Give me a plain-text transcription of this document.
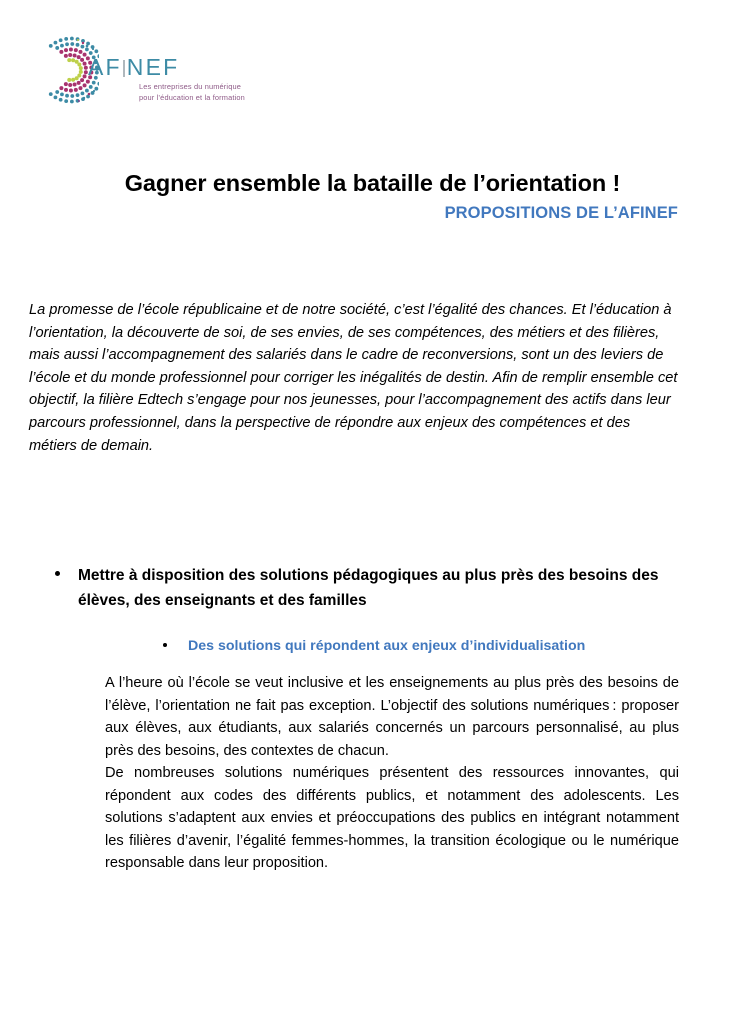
AF NEF
Les entreprises du numérique
pour l’éducation et la formation
Gagner ensemble la bataille de l’orientation !
PROPOSITIONS DE L’AFINEF
La promesse de l’école républicaine et de notre société, c’est l’égalité des chances. Et l’éducation à l’orientation, la découverte de soi, de ses envies, de ses compétences, des métiers et des filières, mais aussi l’accompagnement des salariés dans le cadre de reconversions, sont un des leviers de l’école et du monde professionnel pour corriger les inégalités de destin. Afin de remplir ensemble cet objectif, la filière Edtech s’engage pour nos jeunesses, pour l’accompagnement des actifs dans leur parcours professionnel, dans la perspective de répondre aux enjeux des compétences et des métiers de demain.
Mettre à disposition des solutions pédagogiques au plus près des besoins des élèves, des enseignants et des familles
Des solutions qui répondent aux enjeux d’individualisation

A l’heure où l’école se veut inclusive et les enseignements au plus près des besoins de l’élève, l’orientation ne fait pas exception. L’objectif des solutions numériques : proposer aux élèves, aux étudiants, aux salariés concernés un parcours personnalisé, au plus près des besoins, des contextes de chacun.

De nombreuses solutions numériques présentent des ressources innovantes, qui répondent aux codes des différents publics, et notamment des adolescents. Les solutions s’adaptent aux envies et préoccupations des publics en intégrant notamment les filières d’avenir, l’égalité femmes-hommes, la transition écologique ou le numérique responsable dans leur proposition.
